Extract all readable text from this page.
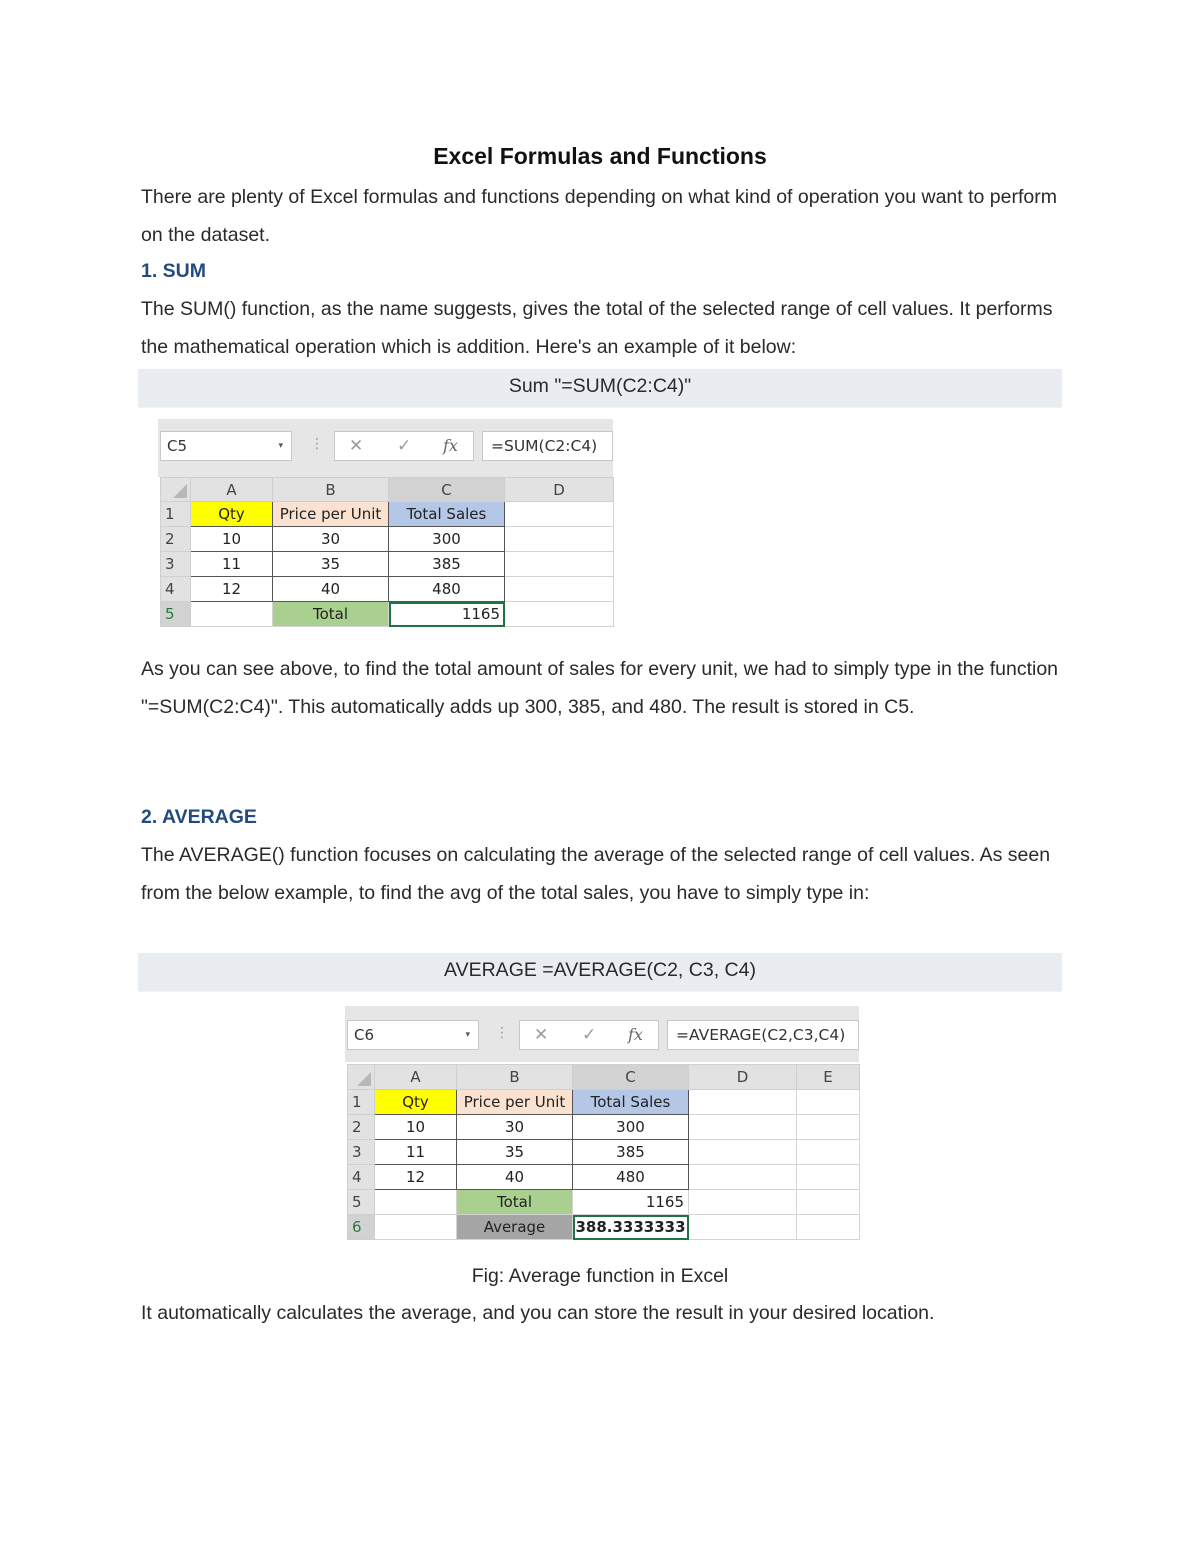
Excel Formulas and Functions
There are plenty of Excel formulas and functions depending on what kind of operation you want to perform on the dataset.
1. SUM
The SUM() function, as the name suggests, gives the total of the selected range of cell values. It performs the mathematical operation which is addition. Here's an example of it below:
Sum "=SUM(C2:C4)"
C5	▾ ⋮ ✕ ✓ fx	=SUM(C2:C4)
	A	B	C	D
1	Qty	Price per Unit	Total Sales	
2	10	30	300	
3	11	35	385	
4	12	40	480	
5		Total	1165	
As you can see above, to find the total amount of sales for every unit, we had to simply type in the function "=SUM(C2:C4)". This automatically adds up 300, 385, and 480. The result is stored in C5.
2. AVERAGE
The AVERAGE() function focuses on calculating the average of the selected range of cell values. As seen from the below example, to find the avg of the total sales, you have to simply type in:
AVERAGE =AVERAGE(C2, C3, C4)
C6	▾ ⋮ ✕ ✓ fx	=AVERAGE(C2,C3,C4)
	A	B	C	D	E
1	Qty	Price per Unit	Total Sales		
2	10	30	300		
3	11	35	385		
4	12	40	480		
5		Total	1165		
6		Average	388.3333333		
Fig: Average function in Excel
It automatically calculates the average, and you can store the result in your desired location.
